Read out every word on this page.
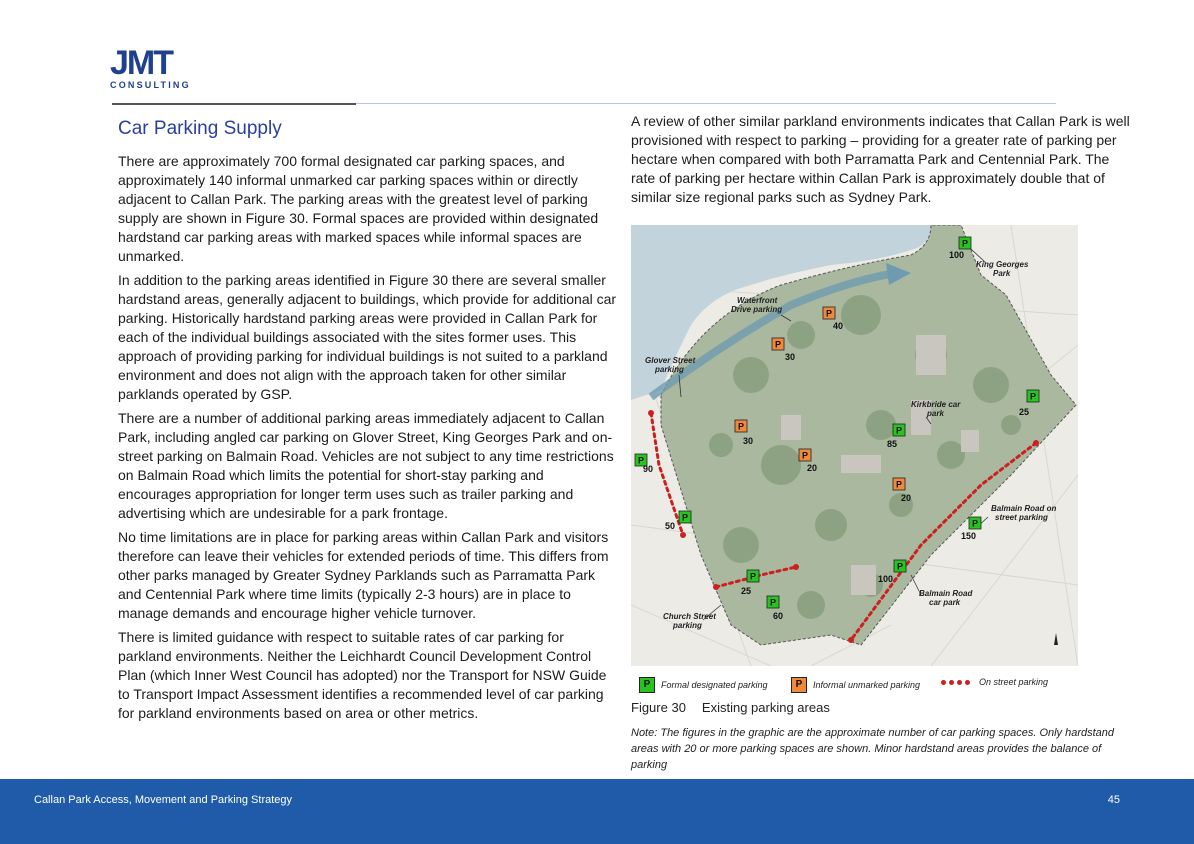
JMT
CONSULTING
Car Parking Supply

There are approximately 700 formal designated car parking spaces, and approximately 140 informal unmarked car parking spaces within or directly adjacent to Callan Park. The parking areas with the greatest level of parking supply are shown in Figure 30. Formal spaces are provided within designated hardstand car parking areas with marked spaces while informal spaces are unmarked.

In addition to the parking areas identified in Figure 30 there are several smaller hardstand areas, generally adjacent to buildings, which provide for additional car parking. Historically hardstand parking areas were provided in Callan Park for each of the individual buildings associated with the sites former uses. This approach of providing parking for individual buildings is not suited to a parkland environment and does not align with the approach taken for other similar parklands operated by GSP.

There are a number of additional parking areas immediately adjacent to Callan Park, including angled car parking on Glover Street, King Georges Park and on-street parking on Balmain Road. Vehicles are not subject to any time restrictions on Balmain Road which limits the potential for short-stay parking and encourages appropriation for longer term uses such as trailer parking and advertising which are undesirable for a park frontage.

No time limitations are in place for parking areas within Callan Park and visitors therefore can leave their vehicles for extended periods of time. This differs from other parks managed by Greater Sydney Parklands such as Parramatta Park and Centennial Park where time limits (typically 2-3 hours) are in place to manage demands and encourage higher vehicle turnover.

There is limited guidance with respect to suitable rates of car parking for parkland environments. Neither the Leichhardt Council Development Control Plan (which Inner West Council has adopted) nor the Transport for NSW Guide to Transport Impact Assessment identifies a recommended level of car parking for parkland environments based on area or other metrics.

A review of other similar parkland environments indicates that Callan Park is well provisioned with respect to parking – providing for a greater rate of parking per hectare when compared with both Parramatta Park and Centennial Park. The rate of parking per hectare within Callan Park is approximately double that of similar size regional parks such as Sydney Park.
King Georges
Park
Waterfront
Drive parking
Glover Street
parking
Kirkbride car
park
Balmain Road on
street parking
Balmain Road
car park
Church Street
parking
P
100
P
40
P
30
P
25
P
85
P
30
P
20
P
20
P
90
P
50	P
150
P
100
P
25
P
60
P	Formal designated parking	P	Informal unmarked parking	On street parking
Figure 30 Existing parking areas
Note: The figures in the graphic are the approximate number of car parking spaces. Only hardstand areas with 20 or more parking spaces are shown. Minor hardstand areas provides the balance of parking
Callan Park Access, Movement and Parking Strategy	45
